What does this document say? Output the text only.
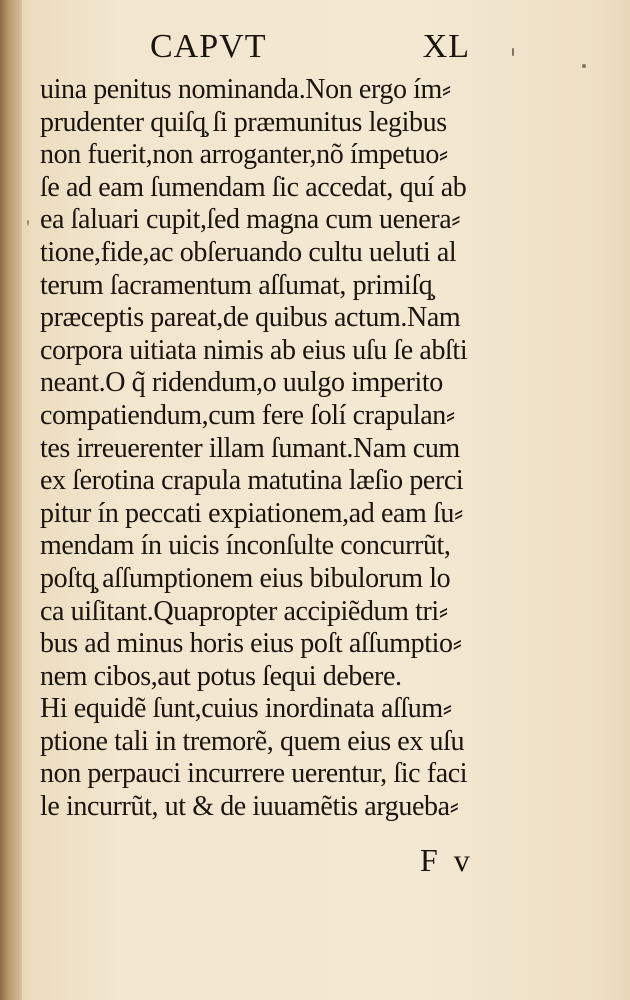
'

CAPVT	XL
uina penitus nominanda.Non ergo ím⸗
prudenter quiſq̧ ſi præmunitus legibus
non fuerit,non arroganter,nõ ímpetuo⸗
ſe ad eam ſumendam ſic accedat, quí ab
ea ſaluari cupit,ſed magna cum uenera⸗
tione,fide,ac obſeruando cultu ueluti al
terum ſacramentum aſſumat, primiſq̧
præceptis pareat,de quibus actum.Nam
corpora uitiata nimis ab eius uſu ſe abſti
neant.O q̃ ridendum,o uulgo imperito
compatiendum,cum fere ſolí crapulan⸗
tes irreuerenter illam ſumant.Nam cum
ex ſerotina crapula matutina læſio perci
pitur ín peccati expiationem,ad eam ſu⸗
mendam ín uicis ínconſulte concurrũt,
poſtq̧ aſſumptionem eius bibulorum lo
ca uiſitant.Quapropter accipiẽdum tri⸗
bus ad minus horis eius poſt aſſumptio⸗
nem cibos,aut potus ſequi debere.
Hi equidẽ ſunt,cuius inordinata aſſum⸗
ptione tali in tremorẽ, quem eius ex uſu
non perpauci incurrere uerentur, ſic faci
le incurrũt, ut & de iuuamẽtis argueba⸗
F v
